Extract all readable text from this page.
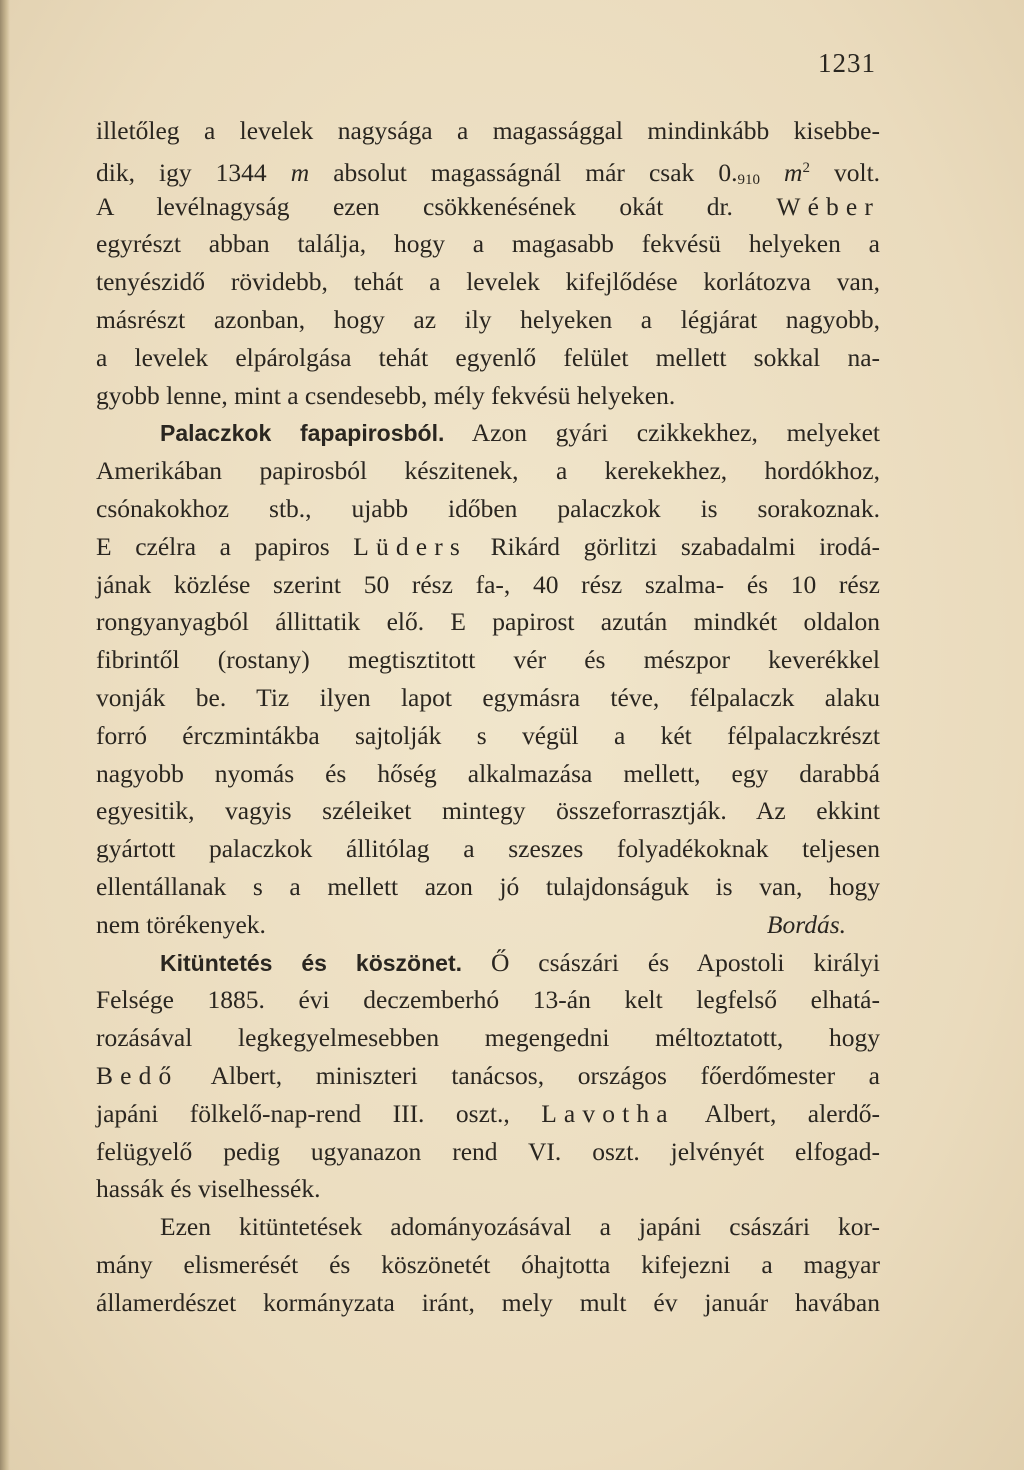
1231
illetőleg a levelek nagysága a magassággal mindinkább kisebbe-
dik, igy 1344 m absolut magasságnál már csak $0._{910}$ $m^2$ volt.
A levélnagyság ezen csökkenésének okát dr. Wéber
egyrészt abban találja, hogy a magasabb fekvésü helyeken a
tenyészidő rövidebb, tehát a levelek kifejlődése korlátozva van,
másrészt azonban, hogy az ily helyeken a légjárat nagyobb,
a levelek elpárolgása tehát egyenlő felület mellett sokkal na-
gyobb lenne, mint a csendesebb, mély fekvésü helyeken.
Palaczkok fapapirosból. Azon gyári czikkekhez, melyeket
Amerikában papirosból készitenek, a kerekekhez, hordókhoz,
csónakokhoz stb., ujabb időben palaczkok is sorakoznak.
E czélra a papiros Lüders Rikárd görlitzi szabadalmi irodá-
jának közlése szerint 50 rész fa-, 40 rész szalma- és 10 rész
rongyanyagból állittatik elő. E papirost azután mindkét oldalon
fibrintől (rostany) megtisztitott vér és mészpor keverékkel
vonják be. Tiz ilyen lapot egymásra téve, félpalaczk alaku
forró érczmintákba sajtolják s végül a két félpalaczkrészt
nagyobb nyomás és hőség alkalmazása mellett, egy darabbá
egyesitik, vagyis széleiket mintegy összeforrasztják. Az ekkint
gyártott palaczkok állitólag a szeszes folyadékoknak teljesen
ellentállanak s a mellett azon jó tulajdonságuk is van, hogy
nem törékenyek.	Bordás.
Kitüntetés és köszönet. Ő császári és Apostoli királyi
Felsége 1885. évi deczemberhó 13-án kelt legfelső elhatá-
rozásával legkegyelmesebben megengedni méltoztatott, hogy
Bedő Albert, miniszteri tanácsos, országos főerdőmester a
japáni fölkelő-nap-rend III. oszt., Lavotha Albert, alerdő-
felügyelő pedig ugyanazon rend VI. oszt. jelvényét elfogad-
hassák és viselhessék.
Ezen kitüntetések adományozásával a japáni császári kor-
mány elismerését és köszönetét óhajtotta kifejezni a magyar
államerdészet kormányzata iránt, mely mult év január havában
